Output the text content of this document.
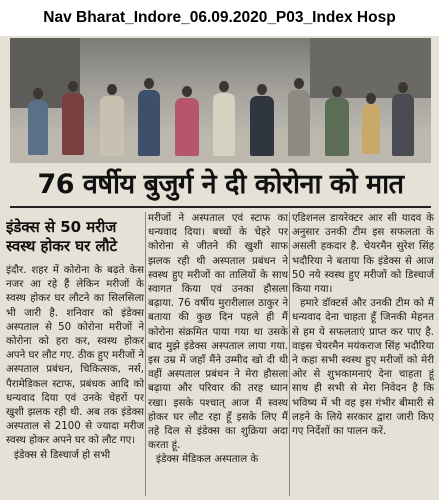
Nav Bharat_Indore_06.09.2020_P03_Index Hosp
76 वर्षीय बुजुर्ग ने दी कोरोना को मात
इंडेक्स से 50 मरीज
स्वस्थ होकर घर लौटे

इंदौर. शहर में कोरोना के बढ़ते केस नजर आ रहे हैं लेकिन मरीजों के स्वस्थ होकर घर लौटने का सिलसिला भी जारी है. शनिवार को इंडेक्स अस्पताल से 50 कोरोना मरीजों ने कोरोना को हरा कर, स्वस्थ होकर अपने घर लौट गए. ठीक हुए मरीजों ने अस्पताल प्रबंधन, चिकित्सक, नर्स, पैरामेडिकल स्टाफ, प्रबंधक आदि को धन्यवाद दिया एवं उनके चेहरों पर खुशी झलक रही थी. अब तक इंडेक्स अस्पताल से 2100 से ज्यादा मरीज स्वस्थ होकर अपने घर को लौट गए।

इंडेक्स से डिस्चार्ज हो सभी

मरीजों ने अस्पताल एवं स्टाफ का धन्यवाद दिया। बच्चों के चेहरे पर कोरोना से जीतने की खुशी साफ झलक रही थी अस्पताल प्रबंधन ने स्वस्थ हुए मरीजों का तालियों के साथ स्वागत किया एवं उनका हौसला बढ़ाया. 76 वर्षीय मुरारीलाल ठाकुर ने बताया की कुछ दिन पहले ही मैं कोरोना संक्रमित पाया गया था उसके बाद मुझे इंडेक्स अस्पताल लाया गया. इस उम्र में जहाँ मैंने उम्मीद खो दी थी वहीं अस्पताल प्रबंधन ने मेरा हौसला बढ़ाया और परिवार की तरह ध्यान रखा। इसके पश्चात् आज मैं स्वस्थ होकर घर लौट रहा हूँ इसके लिए मैं तहे दिल से इंडेक्स का शुक्रिया अदा करता हूं.

इंडेक्स मेडिकल अस्पताल के

एडिशनल डायरेक्टर आर सी यादव के अनुसार उनकी टीम इस सफलता के असली हकदार है. चेयरमैन सुरेश सिंह भदौरिया ने बताया कि इंडेक्स से आज 50 नये स्वस्थ हुए मरीजों को डिस्चार्ज किया गया।

हमारे डॉक्टर्स और उनकी टीम को मैं धन्यवाद देना चाहता हूँ जिनकी मेहनत से हम ये सफलताएं प्राप्त कर पाए है. वाइस चेयरमैन मयंकराज सिंह भदौरिया ने कहा सभी स्वस्थ हुए मरीजों को मेरी ओर से शुभकामनाएं देना चाहता हूं साथ ही सभी से मेरा निवेदन है कि भविष्य में भी वह इस गंभीर बीमारी से लड़ने के लिये सरकार द्वारा जारी किए गए निर्देशों का पालन करें.
